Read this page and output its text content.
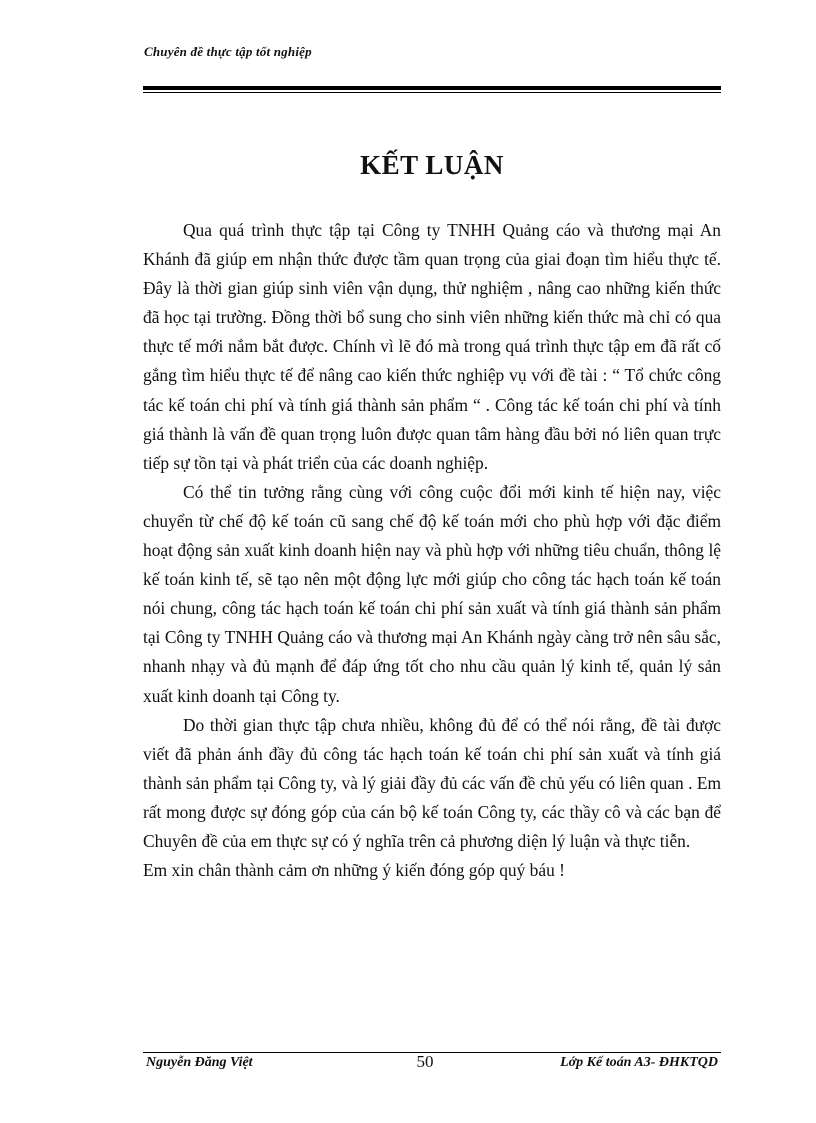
Chuyên đề thực tập tốt nghiệp
KẾT LUẬN

Qua quá trình thực tập tại Công ty TNHH Quảng cáo và thương mại An Khánh đã giúp em nhận thức được tầm quan trọng của giai đoạn tìm hiểu thực tế. Đây là thời gian giúp sinh viên vận dụng, thử nghiệm , nâng cao những kiến thức đã học tại trường. Đồng thời bổ sung cho sinh viên những kiến thức mà chỉ có qua thực tế mới nắm bắt được. Chính vì lẽ đó mà trong quá trình thực tập em đã rất cố gắng tìm hiểu thực tế để nâng cao kiến thức nghiệp vụ với đề tài : “ Tổ chức công tác kế toán chi phí và tính giá thành sản phẩm “ . Công tác kế toán chi phí và tính giá thành là vấn đề quan trọng luôn được quan tâm hàng đầu bởi nó liên quan trực tiếp sự tồn tại và phát triển của các doanh nghiệp.

Có thể tin tưởng rằng cùng với công cuộc đổi mới kinh tế hiện nay, việc chuyển từ chế độ kế toán cũ sang chế độ kế toán mới cho phù hợp với đặc điểm hoạt động sản xuất kinh doanh hiện nay và phù hợp với những tiêu chuẩn, thông lệ kế toán kinh tế, sẽ tạo nên một động lực mới giúp cho công tác hạch toán kế toán nói chung, công tác hạch toán kế toán chi phí sản xuất và tính giá thành sản phẩm tại Công ty TNHH Quảng cáo và thương mại An Khánh ngày càng trở nên sâu sắc, nhanh nhạy và đủ mạnh để đáp ứng tốt cho nhu cầu quản lý kinh tế, quản lý sản xuất kinh doanh tại Công ty.

Do thời gian thực tập chưa nhiều, không đủ để có thể nói rằng, đề tài được viết đã phản ánh đầy đủ công tác hạch toán kế toán chi phí sản xuất và tính giá thành sản phẩm tại Công ty, và lý giải đầy đủ các vấn đề chủ yếu có liên quan . Em rất mong được sự đóng góp của cán bộ kế toán Công ty, các thầy cô và các bạn để Chuyên đề của em thực sự có ý nghĩa trên cả phương diện lý luận và thực tiễn.

Em xin chân thành cảm ơn những ý kiến đóng góp quý báu !

Nguyễn Đăng Việt	50	Lớp Kế toán A3- ĐHKTQD
